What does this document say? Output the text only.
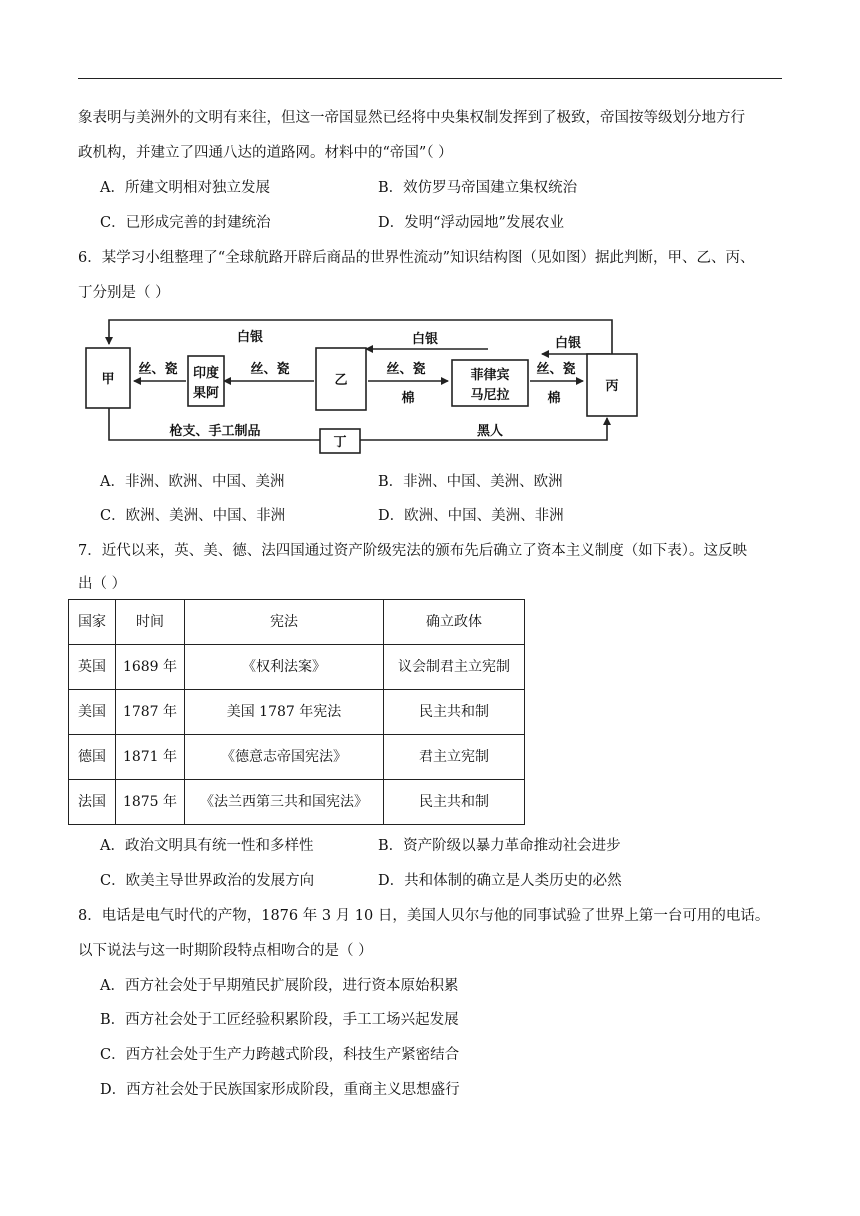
象表明与美洲外的文明有来往，但这一帝国显然已经将中央集权制发挥到了极致，帝国按等级划分地方行
政机构，并建立了四通八达的道路网。材料中的“帝国”（ ）
A．所建文明相对独立发展	B．效仿罗马帝国建立集权统治
C．已形成完善的封建统治	D．发明“浮动园地”发展农业
6．某学习小组整理了“全球航路开辟后商品的世界性流动”知识结构图（见如图）据此判断，甲、乙、丙、
丁分别是（ ）
甲	乙	丙
丁
印度
果阿
菲律宾
马尼拉
白银	白银	白银
丝、瓷	丝、瓷	丝、瓷	丝、瓷
棉	棉
枪支、手工制品	黑人
A．非洲、欧洲、中国、美洲	B．非洲、中国、美洲、欧洲
C．欧洲、美洲、中国、非洲	D．欧洲、中国、美洲、非洲
7．近代以来，英、美、德、法四国通过资产阶级宪法的颁布先后确立了资本主义制度（如下表）。这反映
出（ ）
国家	时间	宪法	确立政体
英国	1689 年	《权利法案》	议会制君主立宪制
美国	1787 年	美国 1787 年宪法	民主共和制
德国	1871 年	《德意志帝国宪法》	君主立宪制
法国	1875 年	《法兰西第三共和国宪法》	民主共和制
A．政治文明具有统一性和多样性	B．资产阶级以暴力革命推动社会进步
C．欧美主导世界政治的发展方向	D．共和体制的确立是人类历史的必然
8．电话是电气时代的产物，1876 年 3 月 10 日，美国人贝尔与他的同事试验了世界上第一台可用的电话。
以下说法与这一时期阶段特点相吻合的是（ ）
A．西方社会处于早期殖民扩展阶段，进行资本原始积累
B．西方社会处于工匠经验积累阶段，手工工场兴起发展
C．西方社会处于生产力跨越式阶段，科技生产紧密结合
D．西方社会处于民族国家形成阶段，重商主义思想盛行
